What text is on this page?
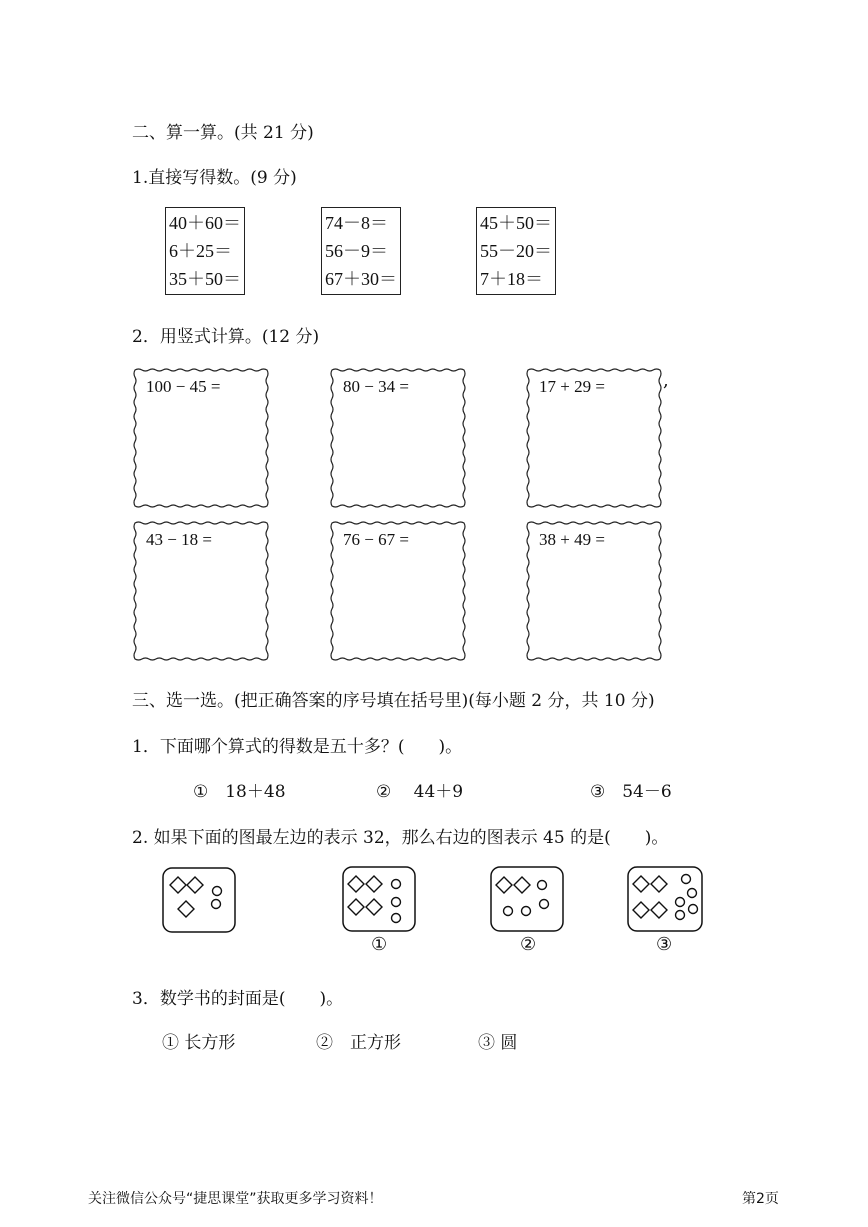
二、算一算。(共 21 分)
1.直接写得数。(9 分)
40＋60＝
6＋25＝
35＋50＝
74－8＝
56－9＝
67＋30＝
45＋50＝
55－20＝
7＋18＝
2．用竖式计算。(12 分)
100 − 45 =	80 − 34 =	17 + 29 =	,
43 − 18 =	76 − 67 =	38 + 49 =
三、选一选。(把正确答案的序号填在括号里)(每小题 2 分，共 10 分)
1．下面哪个算式的得数是五十多？(　　)。
①　18＋48	②　 44＋9	③　54－6
2. 如果下面的图最左边的表示 32，那么右边的图表示 45 的是(　　)。
①	②	③
3．数学书的封面是(　　)。
① 长方形	②　正方形	③ 圆
关注微信公众号“捷思课堂”获取更多学习资料！	第2页
